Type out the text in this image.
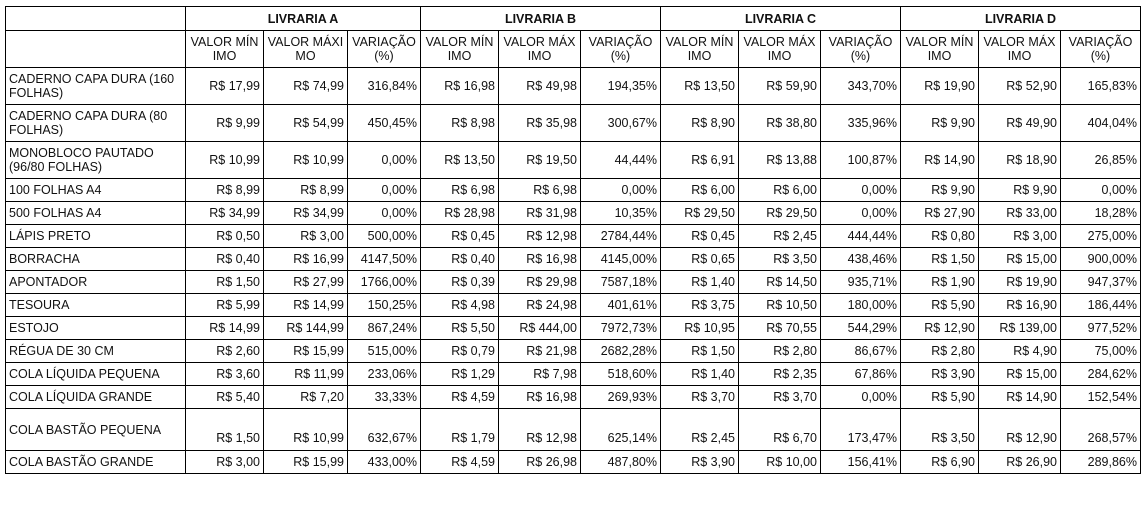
	LIVRARIA A			LIVRARIA B			LIVRARIA C			LIVRARIA D		
	VALOR MÍNIMO	VALOR MÁXIMO	VARIAÇÃO (%)	VALOR MÍNIMO	VALOR MÁXIMO	VARIAÇÃO (%)	VALOR MÍNIMO	VALOR MÁXIMO	VARIAÇÃO (%)	VALOR MÍNIMO	VALOR MÁXIMO	VARIAÇÃO (%)
CADERNO CAPA DURA (160 FOLHAS)	R$ 17,99	R$ 74,99	316,84%	R$ 16,98	R$ 49,98	194,35%	R$ 13,50	R$ 59,90	343,70%	R$ 19,90	R$ 52,90	165,83%
CADERNO CAPA DURA (80 FOLHAS)	R$ 9,99	R$ 54,99	450,45%	R$ 8,98	R$ 35,98	300,67%	R$ 8,90	R$ 38,80	335,96%	R$ 9,90	R$ 49,90	404,04%
MONOBLOCO PAUTADO (96/80 FOLHAS)	R$ 10,99	R$ 10,99	0,00%	R$ 13,50	R$ 19,50	44,44%	R$ 6,91	R$ 13,88	100,87%	R$ 14,90	R$ 18,90	26,85%
100 FOLHAS A4	R$ 8,99	R$ 8,99	0,00%	R$ 6,98	R$ 6,98	0,00%	R$ 6,00	R$ 6,00	0,00%	R$ 9,90	R$ 9,90	0,00%
500 FOLHAS A4	R$ 34,99	R$ 34,99	0,00%	R$ 28,98	R$ 31,98	10,35%	R$ 29,50	R$ 29,50	0,00%	R$ 27,90	R$ 33,00	18,28%
LÁPIS PRETO	R$ 0,50	R$ 3,00	500,00%	R$ 0,45	R$ 12,98	2784,44%	R$ 0,45	R$ 2,45	444,44%	R$ 0,80	R$ 3,00	275,00%
BORRACHA	R$ 0,40	R$ 16,99	4147,50%	R$ 0,40	R$ 16,98	4145,00%	R$ 0,65	R$ 3,50	438,46%	R$ 1,50	R$ 15,00	900,00%
APONTADOR	R$ 1,50	R$ 27,99	1766,00%	R$ 0,39	R$ 29,98	7587,18%	R$ 1,40	R$ 14,50	935,71%	R$ 1,90	R$ 19,90	947,37%
TESOURA	R$ 5,99	R$ 14,99	150,25%	R$ 4,98	R$ 24,98	401,61%	R$ 3,75	R$ 10,50	180,00%	R$ 5,90	R$ 16,90	186,44%
ESTOJO	R$ 14,99	R$ 144,99	867,24%	R$ 5,50	R$ 444,00	7972,73%	R$ 10,95	R$ 70,55	544,29%	R$ 12,90	R$ 139,00	977,52%
RÉGUA DE 30 CM	R$ 2,60	R$ 15,99	515,00%	R$ 0,79	R$ 21,98	2682,28%	R$ 1,50	R$ 2,80	86,67%	R$ 2,80	R$ 4,90	75,00%
COLA LÍQUIDA PEQUENA	R$ 3,60	R$ 11,99	233,06%	R$ 1,29	R$ 7,98	518,60%	R$ 1,40	R$ 2,35	67,86%	R$ 3,90	R$ 15,00	284,62%
COLA LÍQUIDA GRANDE	R$ 5,40	R$ 7,20	33,33%	R$ 4,59	R$ 16,98	269,93%	R$ 3,70	R$ 3,70	0,00%	R$ 5,90	R$ 14,90	152,54%
COLA BASTÃO PEQUENA	R$ 1,50	R$ 10,99	632,67%	R$ 1,79	R$ 12,98	625,14%	R$ 2,45	R$ 6,70	173,47%	R$ 3,50	R$ 12,90	268,57%
COLA BASTÃO GRANDE	R$ 3,00	R$ 15,99	433,00%	R$ 4,59	R$ 26,98	487,80%	R$ 3,90	R$ 10,00	156,41%	R$ 6,90	R$ 26,90	289,86%
